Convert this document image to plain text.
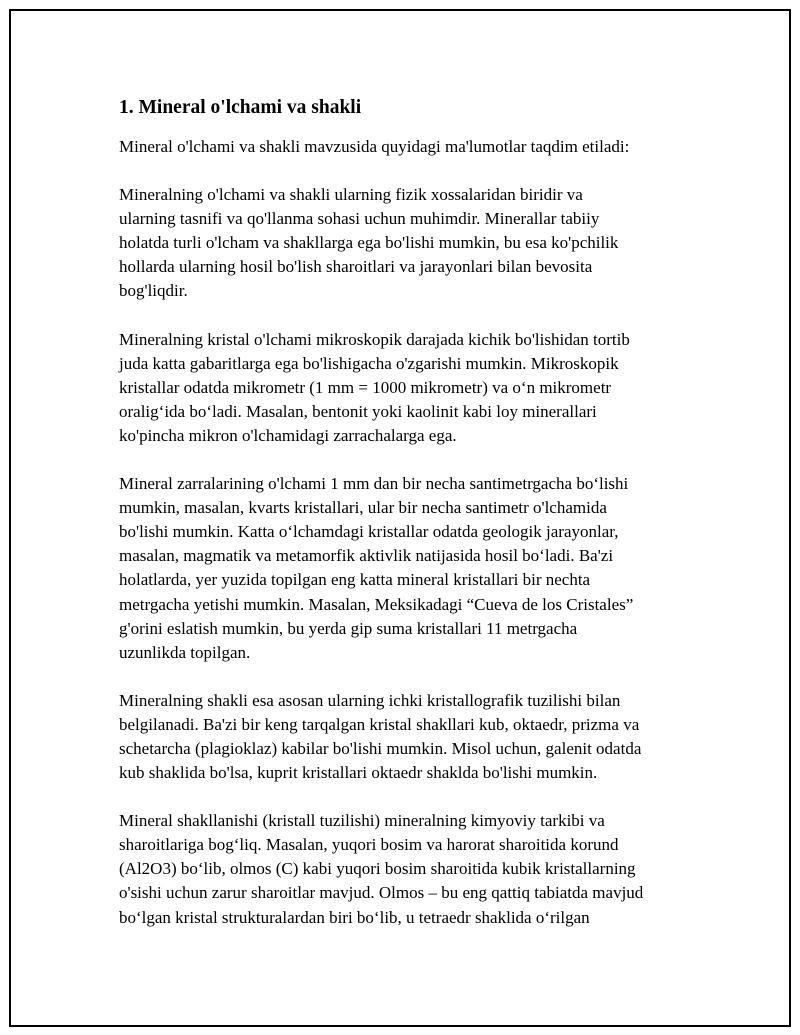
1. Mineral o'lchami va shakli

Mineral o'lchami va shakli mavzusida quyidagi ma'lumotlar taqdim etiladi:

Mineralning o'lchami va shakli ularning fizik xossalaridan biridir va
ularning tasnifi va qo'llanma sohasi uchun muhimdir. Minerallar tabiiy
holatda turli o'lcham va shakllarga ega bo'lishi mumkin, bu esa ko'pchilik
hollarda ularning hosil bo'lish sharoitlari va jarayonlari bilan bevosita
bog'liqdir.

Mineralning kristal o'lchami mikroskopik darajada kichik bo'lishidan tortib
juda katta gabaritlarga ega bo'lishigacha o'zgarishi mumkin. Mikroskopik
kristallar odatda mikrometr (1 mm = 1000 mikrometr) va o‘n mikrometr
oralig‘ida bo‘ladi. Masalan, bentonit yoki kaolinit kabi loy minerallari
ko'pincha mikron o'lchamidagi zarrachalarga ega.

Mineral zarralarining o'lchami 1 mm dan bir necha santimetrgacha bo‘lishi
mumkin, masalan, kvarts kristallari, ular bir necha santimetr o'lchamida
bo'lishi mumkin. Katta o‘lchamdagi kristallar odatda geologik jarayonlar,
masalan, magmatik va metamorfik aktivlik natijasida hosil bo‘ladi. Ba'zi
holatlarda, yer yuzida topilgan eng katta mineral kristallari bir nechta
metrgacha yetishi mumkin. Masalan, Meksikadagi “Cueva de los Cristales”
g'orini eslatish mumkin, bu yerda gip suma kristallari 11 metrgacha
uzunlikda topilgan.

Mineralning shakli esa asosan ularning ichki kristallografik tuzilishi bilan
belgilanadi. Ba'zi bir keng tarqalgan kristal shakllari kub, oktaedr, prizma va
schetarcha (plagioklaz) kabilar bo'lishi mumkin. Misol uchun, galenit odatda
kub shaklida bo'lsa, kuprit kristallari oktaedr shaklda bo'lishi mumkin.

Mineral shakllanishi (kristall tuzilishi) mineralning kimyoviy tarkibi va
sharoitlariga bog‘liq. Masalan, yuqori bosim va harorat sharoitida korund
(Al2O3) bo‘lib, olmos (C) kabi yuqori bosim sharoitida kubik kristallarning
o'sishi uchun zarur sharoitlar mavjud. Olmos – bu eng qattiq tabiatda mavjud
bo‘lgan kristal strukturalardan biri bo‘lib, u tetraedr shaklida o‘rilgan
